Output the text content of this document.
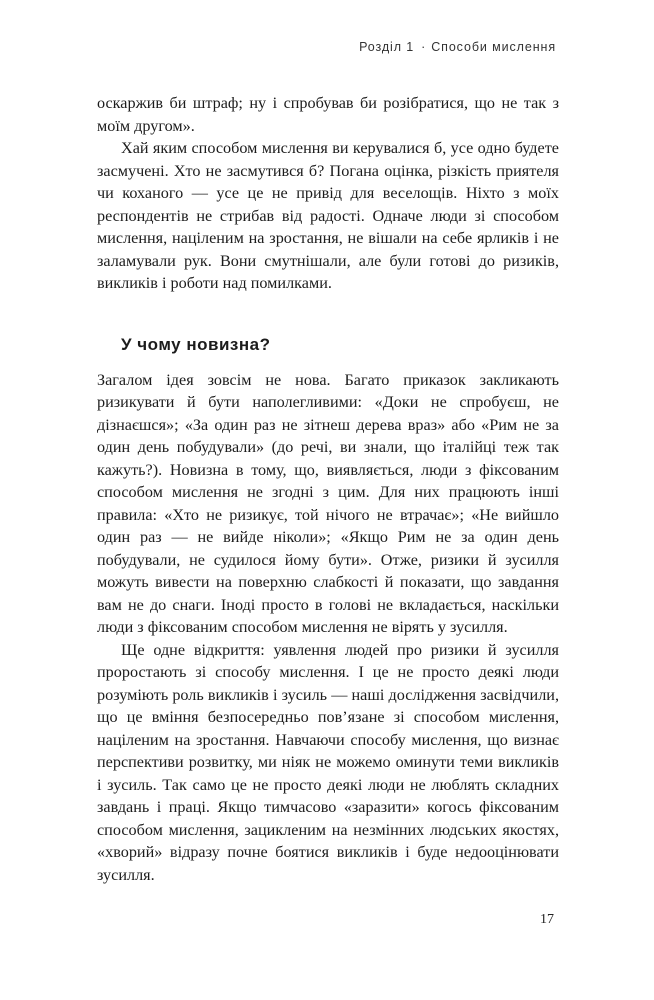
Розділ 1 · Способи мислення

оскаржив би штраф; ну і спробував би розібратися, що не так з моїм другом».

Хай яким способом мислення ви керувалися б, усе одно будете засмучені. Хто не засмутився б? Погана оцінка, різкість приятеля чи коханого — усе це не привід для веселощів. Ніхто з моїх респондентів не стрибав від радості. Одначе люди зі способом мислення, націленим на зростання, не вішали на себе ярликів і не заламували рук. Вони смутнішали, але були готові до ризиків, викликів і роботи над помилками.

У чому новизна?

Загалом ідея зовсім не нова. Багато приказок закликають ризикувати й бути наполегливими: «Доки не спробуєш, не дізнаєшся»; «За один раз не зітнеш дерева враз» або «Рим не за один день побудували» (до речі, ви знали, що італійці теж так кажуть?). Новизна в тому, що, виявляється, люди з фіксованим способом мислення не згодні з цим. Для них працюють інші правила: «Хто не ризикує, той нічого не втрачає»; «Не вийшло один раз — не вийде ніколи»; «Якщо Рим не за один день побудували, не судилося йому бути». Отже, ризики й зусилля можуть вивести на поверхню слабкості й показати, що завдання вам не до снаги. Іноді просто в голові не вкладається, наскільки люди з фіксованим способом мислення не вірять у зусилля.

Ще одне відкриття: уявлення людей про ризики й зусилля проростають зі способу мислення. І це не просто деякі люди розуміють роль викликів і зусиль — наші дослідження засвідчили, що це вміння безпосередньо пов’язане зі способом мислення, націленим на зростання. Навчаючи способу мислення, що визнає перспективи розвитку, ми ніяк не можемо оминути теми викликів і зусиль. Так само це не просто деякі люди не люблять складних завдань і праці. Якщо тимчасово «заразити» когось фіксованим способом мислення, зацикленим на незмінних людських якостях, «хворий» відразу почне боятися викликів і буде недооцінювати зусилля.

17
